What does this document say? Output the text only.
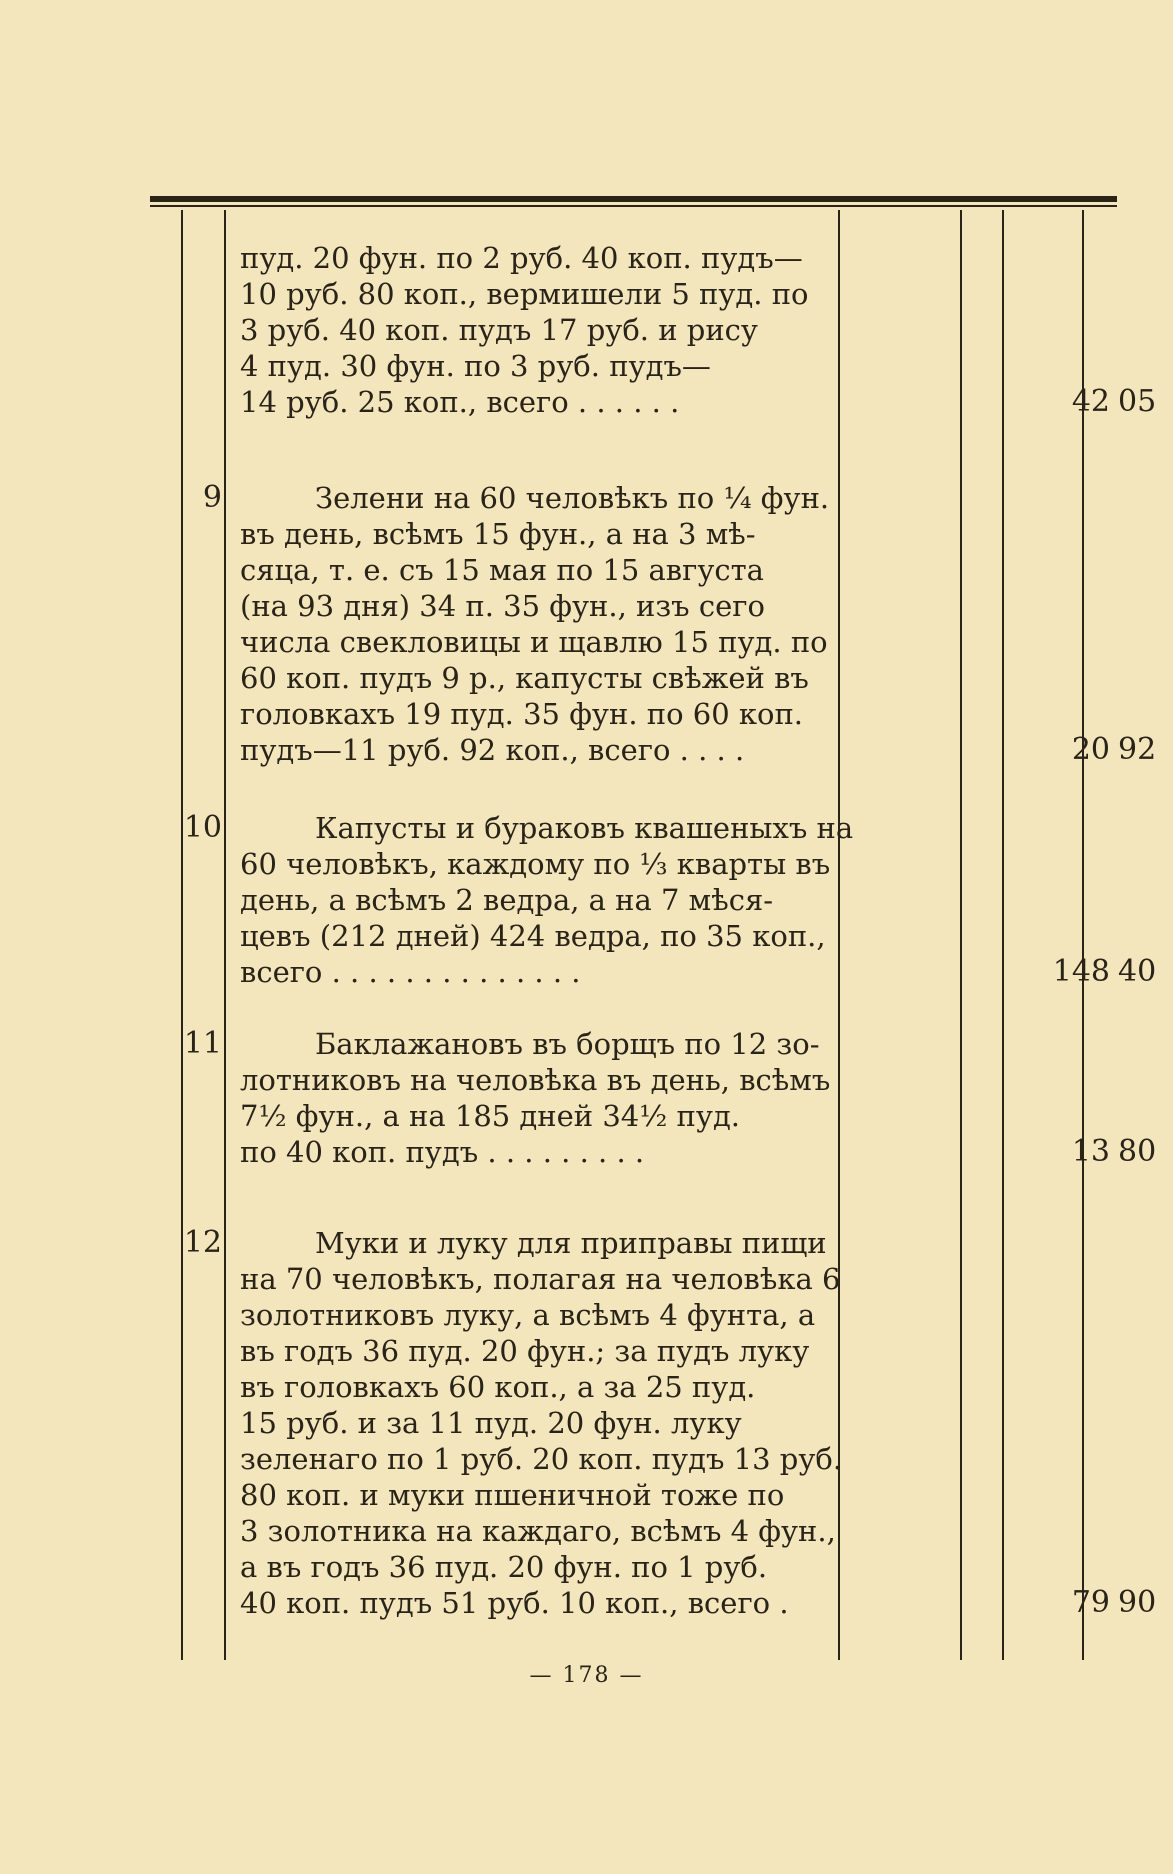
пуд. 20 фун. по 2 руб. 40 коп. пудъ—

10 руб. 80 коп., вермишели 5 пуд. по

3 руб. 40 коп. пудъ 17 руб. и рису

4 пуд. 30 фун. по 3 руб. пудъ—

14 руб. 25 коп., всего . . . . . .	42 05
9	Зелени на 60 человѣкъ по ¼ фун.

въ день, всѣмъ 15 фун., а на 3 мѣ-

сяца, т. е. съ 15 мая по 15 августа

(на 93 дня) 34 п. 35 фун., изъ сего

числа свекловицы и щавлю 15 пуд. по

60 коп. пудъ 9 р., капусты свѣжей въ

головкахъ 19 пуд. 35 фун. по 60 коп.

пудъ—11 руб. 92 коп., всего . . . .	20 92
10	Капусты и бураковъ квашеныхъ на

60 человѣкъ, каждому по ⅓ кварты въ

день, а всѣмъ 2 ведра, а на 7 мѣся-

цевъ (212 дней) 424 ведра, по 35 коп.,

всего . . . . . . . . . . . . . .	148 40
11	Баклажановъ въ борщъ по 12 зо-

лотниковъ на человѣка въ день, всѣмъ

7½ фун., а на 185 дней 34½ пуд.

по 40 коп. пудъ . . . . . . . . .	13 80
12	Муки и луку для приправы пищи

на 70 человѣкъ, полагая на человѣка 6

золотниковъ луку, а всѣмъ 4 фунта, а

въ годъ 36 пуд. 20 фун.; за пудъ луку

въ головкахъ 60 коп., а за 25 пуд.

15 руб. и за 11 пуд. 20 фун. луку

зеленаго по 1 руб. 20 коп. пудъ 13 руб.

80 коп. и муки пшеничной тоже по

3 золотника на каждаго, всѣмъ 4 фун.,

а въ годъ 36 пуд. 20 фун. по 1 руб.

40 коп. пудъ 51 руб. 10 коп., всего .	79 90
— 178 —
